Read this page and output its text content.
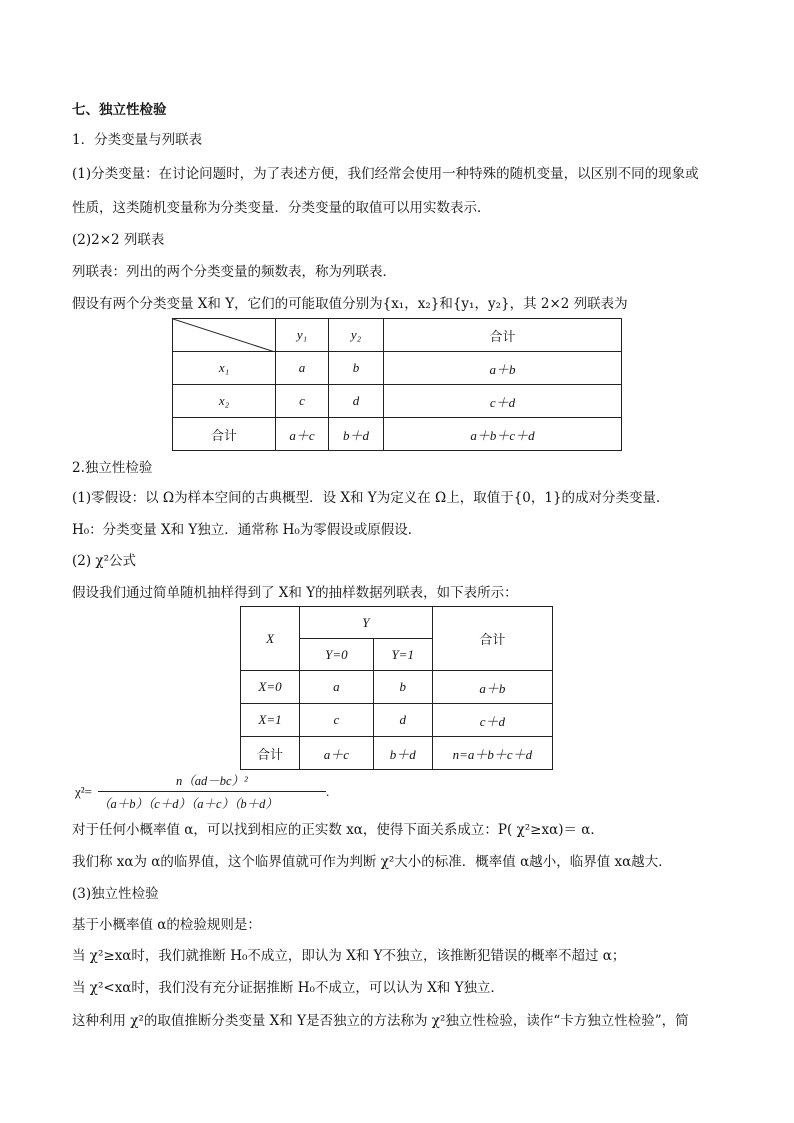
七、独立性检验
1．分类变量与列联表
(1)分类变量：在讨论问题时，为了表述方便，我们经常会使用一种特殊的随机变量，以区别不同的现象或
性质，这类随机变量称为分类变量．分类变量的取值可以用实数表示．
(2)2×2 列联表
列联表：列出的两个分类变量的频数表，称为列联表．
假设有两个分类变量 X和 Y，它们的可能取值分别为{x₁，x₂}和{y₁，y₂}，其 2×2 列联表为
	y₁	y₂	合计
x₁	a	b	a＋b
x₂	c	d	c＋d
合计	a＋c	b＋d	a＋b＋c＋d
2.独立性检验
(1)零假设：以 Ω为样本空间的古典概型．设 X和 Y为定义在 Ω上，取值于{0，1}的成对分类变量．
H₀：分类变量 X和 Y独立．通常称 H₀为零假设或原假设．
(2) χ²公式
假设我们通过简单随机抽样得到了 X和 Y的抽样数据列联表，如下表所示：
X	Y		合计
	Y=0	Y=1	
X=0	a	b	a＋b
X=1	c	d	c＋d
合计	a＋c	b＋d	n=a＋b＋c＋d
χ²=
n（ad－bc）²
（a＋b）（c＋d）（a＋c）（b＋d）
.
对于任何小概率值 α，可以找到相应的正实数 xα，使得下面关系成立：P( χ²≥xα)＝ α．
我们称 xα为 α的临界值，这个临界值就可作为判断 χ²大小的标准．概率值 α越小，临界值 xα越大．
(3)独立性检验
基于小概率值 α的检验规则是：
当 χ²≥xα时，我们就推断 H₀不成立，即认为 X和 Y不独立，该推断犯错误的概率不超过 α；
当 χ²<xα时，我们没有充分证据推断 H₀不成立，可以认为 X和 Y独立．
这种利用 χ²的取值推断分类变量 X和 Y是否独立的方法称为 χ²独立性检验，读作“卡方独立性检验”，简
